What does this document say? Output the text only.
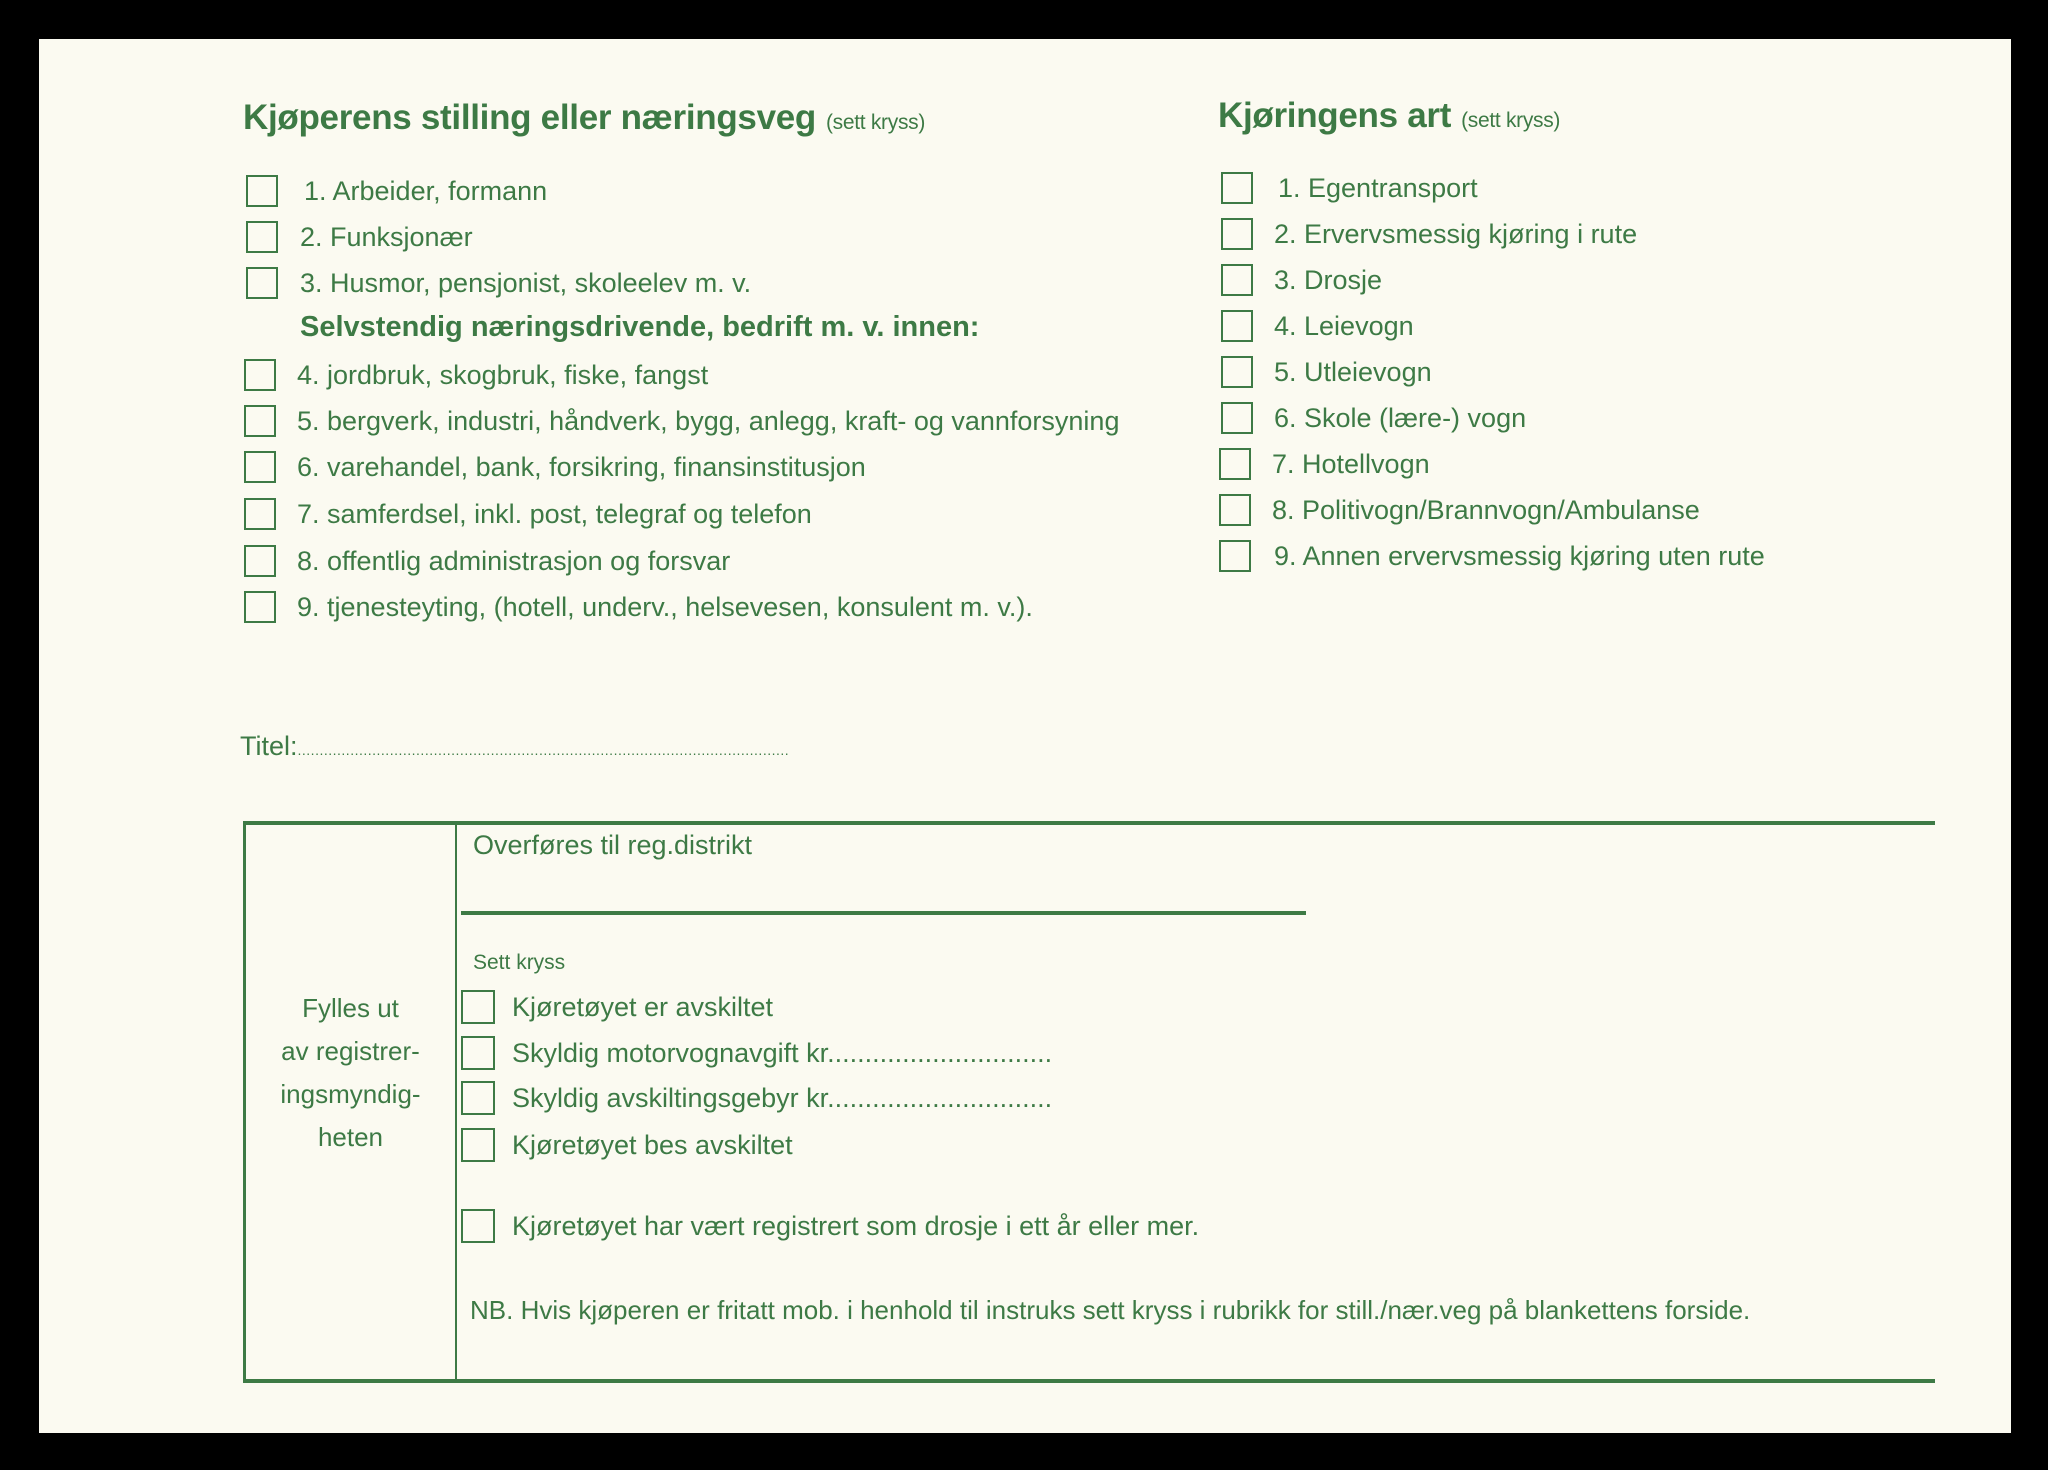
Kjøperens stilling eller næringsveg (sett kryss)
1. Arbeider, formann
2. Funksjonær
3. Husmor, pensjonist, skoleelev m. v.
Selvstendig næringsdrivende, bedrift m. v. innen:
4. jordbruk, skogbruk, fiske, fangst
5. bergverk, industri, håndverk, bygg, anlegg, kraft- og vannforsyning
6. varehandel, bank, forsikring, finansinstitusjon
7. samferdsel, inkl. post, telegraf og telefon
8. offentlig administrasjon og forsvar
9. tjenesteyting, (hotell, underv., helsevesen, konsulent m. v.).
Kjøringens art (sett kryss)
1. Egentransport
2. Ervervsmessig kjøring i rute
3. Drosje
4. Leievogn
5. Utleievogn
6. Skole (lære-) vogn
7. Hotellvogn
8. Politivogn/Brannvogn/Ambulanse
9. Annen ervervsmessig kjøring uten rute
Titel:................................................................................................................
Fylles ut
av registrer-
ingsmyndig-
heten
Overføres til reg.distrikt
Sett kryss
Kjøretøyet er avskiltet
Skyldig motorvognavgift kr..............................
Skyldig avskiltingsgebyr kr..............................
Kjøretøyet bes avskiltet
Kjøretøyet har vært registrert som drosje i ett år eller mer.
NB. Hvis kjøperen er fritatt mob. i henhold til instruks sett kryss i rubrikk for still./nær.veg på blankettens forside.
